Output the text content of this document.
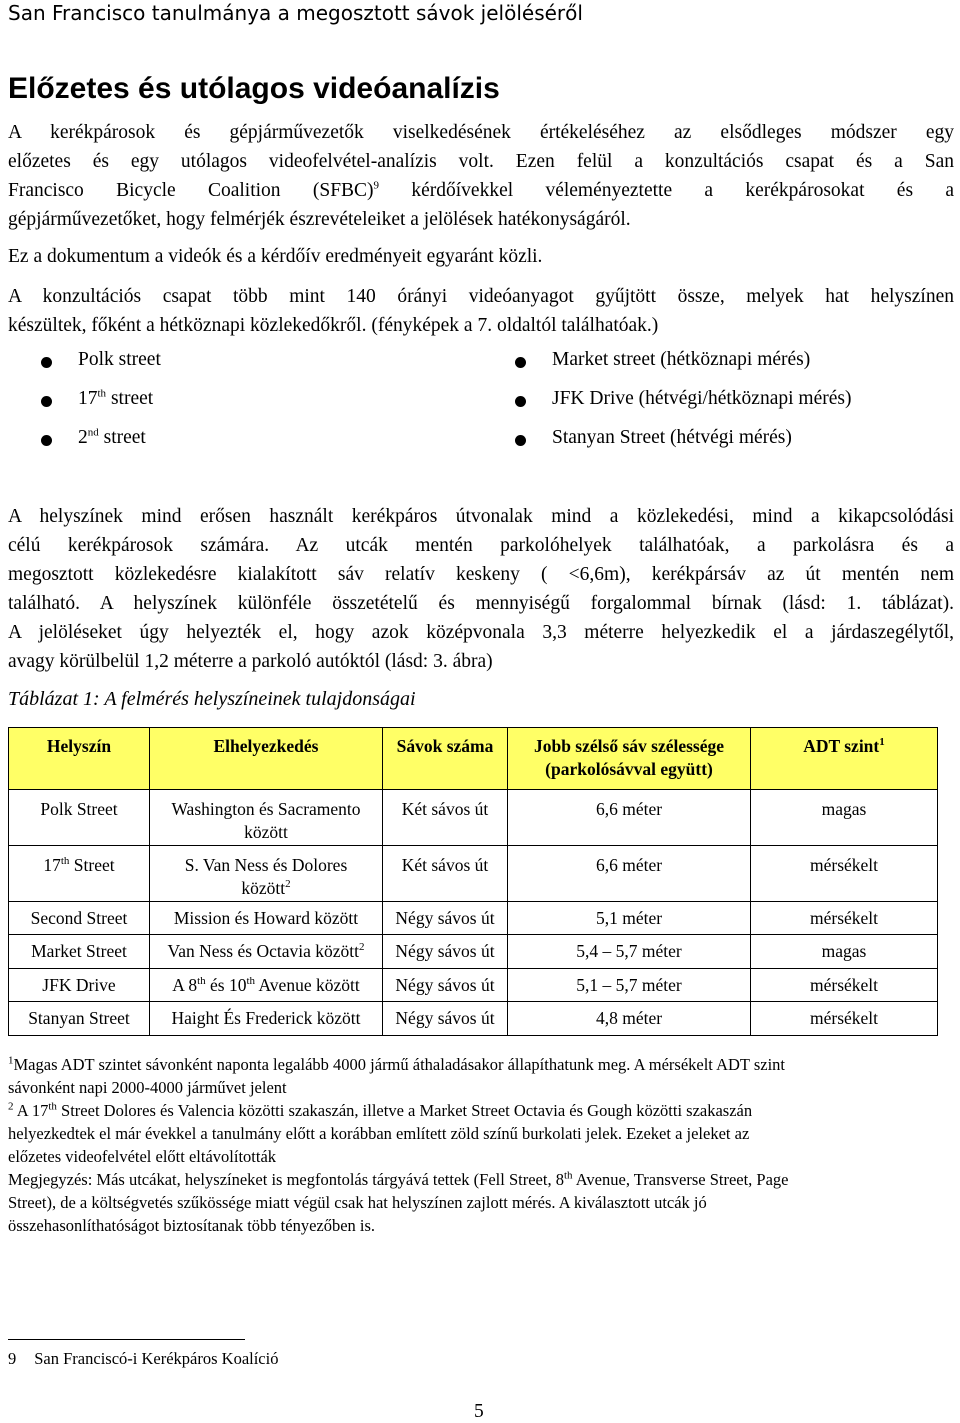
San Francisco tanulmánya a megosztott sávok jelöléséről
Előzetes és utólagos videóanalízis
A kerékpárosok és gépjárművezetők viselkedésének értékeléséhez az elsődleges módszer egy
előzetes és egy utólagos videofelvétel-analízis volt. Ezen felül a konzultációs csapat és a San
Francisco Bicycle Coalition (SFBC)$^9$ kérdőívekkel véleményeztette a kerékpárosokat és a
gépjárművezetőket, hogy felmérjék észrevételeiket a jelölések hatékonyságáról.
Ez a dokumentum a videók és a kérdőív eredményeit egyaránt közli.
A konzultációs csapat több mint 140 órányi videóanyagot gyűjtött össze, melyek hat helyszínen
készültek, főként a hétköznapi közlekedőkről. (fényképek a 7. oldaltól találhatóak.)
Polk street
17th street
2nd street
Market street (hétköznapi mérés)
JFK Drive (hétvégi/hétköznapi mérés)
Stanyan Street (hétvégi mérés)
A helyszínek mind erősen használt kerékpáros útvonalak mind a közlekedési, mind a kikapcsolódási
célú kerékpárosok számára. Az utcák mentén parkolóhelyek találhatóak, a parkolásra és a
megosztott közlekedésre kialakított sáv relatív keskeny ( <6,6m), kerékpársáv az út mentén nem
található. A helyszínek különféle összetételű és mennyiségű forgalommal bírnak (lásd: 1. táblázat).
A jelöléseket úgy helyezték el, hogy azok középvonala 3,3 méterre helyezkedik el a járdaszegélytől,
avagy körülbelül 1,2 méterre a parkoló autóktól (lásd: 3. ábra)
Táblázat 1: A felmérés helyszíneinek tulajdonságai
Helyszín	Elhelyezkedés	Sávok száma	Jobb szélső sáv szélessége
(parkolósávval együtt)	ADT szint$^1$
Polk Street	Washington és Sacramento
között	Két sávos út	6,6 méter	magas
17th Street	S. Van Ness és Dolores
között$^2$	Két sávos út	6,6 méter	mérsékelt
Second Street	Mission és Howard között	Négy sávos út	5,1 méter	mérsékelt
Market Street	Van Ness és Octavia között$^2$	Négy sávos út	5,4 – 5,7 méter	magas
JFK Drive	A 8th és 10th Avenue között	Négy sávos út	5,1 – 5,7 méter	mérsékelt
Stanyan Street	Haight És Frederick között	Négy sávos út	4,8 méter	mérsékelt
$^1$Magas ADT szintet sávonként naponta legalább 4000 jármű áthaladásakor állapíthatunk meg. A mérsékelt ADT szint
sávonként napi 2000-4000 járművet jelent
$^2$ A 17th Street Dolores és Valencia közötti szakaszán, illetve a Market Street Octavia és Gough közötti szakaszán
helyezkedtek el már évekkel a tanulmány előtt a korábban említett zöld színű burkolati jelek. Ezeket a jeleket az
előzetes videofelvétel előtt eltávolították
Megjegyzés: Más utcákat, helyszíneket is megfontolás tárgyává tettek (Fell Street, 8th Avenue, Transverse Street, Page
Street), de a költségvetés szűkössége miatt végül csak hat helyszínen zajlott mérés. A kiválasztott utcák jó
összehasonlíthatóságot biztosítanak több tényezőben is.
9 San Franciscó-i Kerékpáros Koalíció
5
